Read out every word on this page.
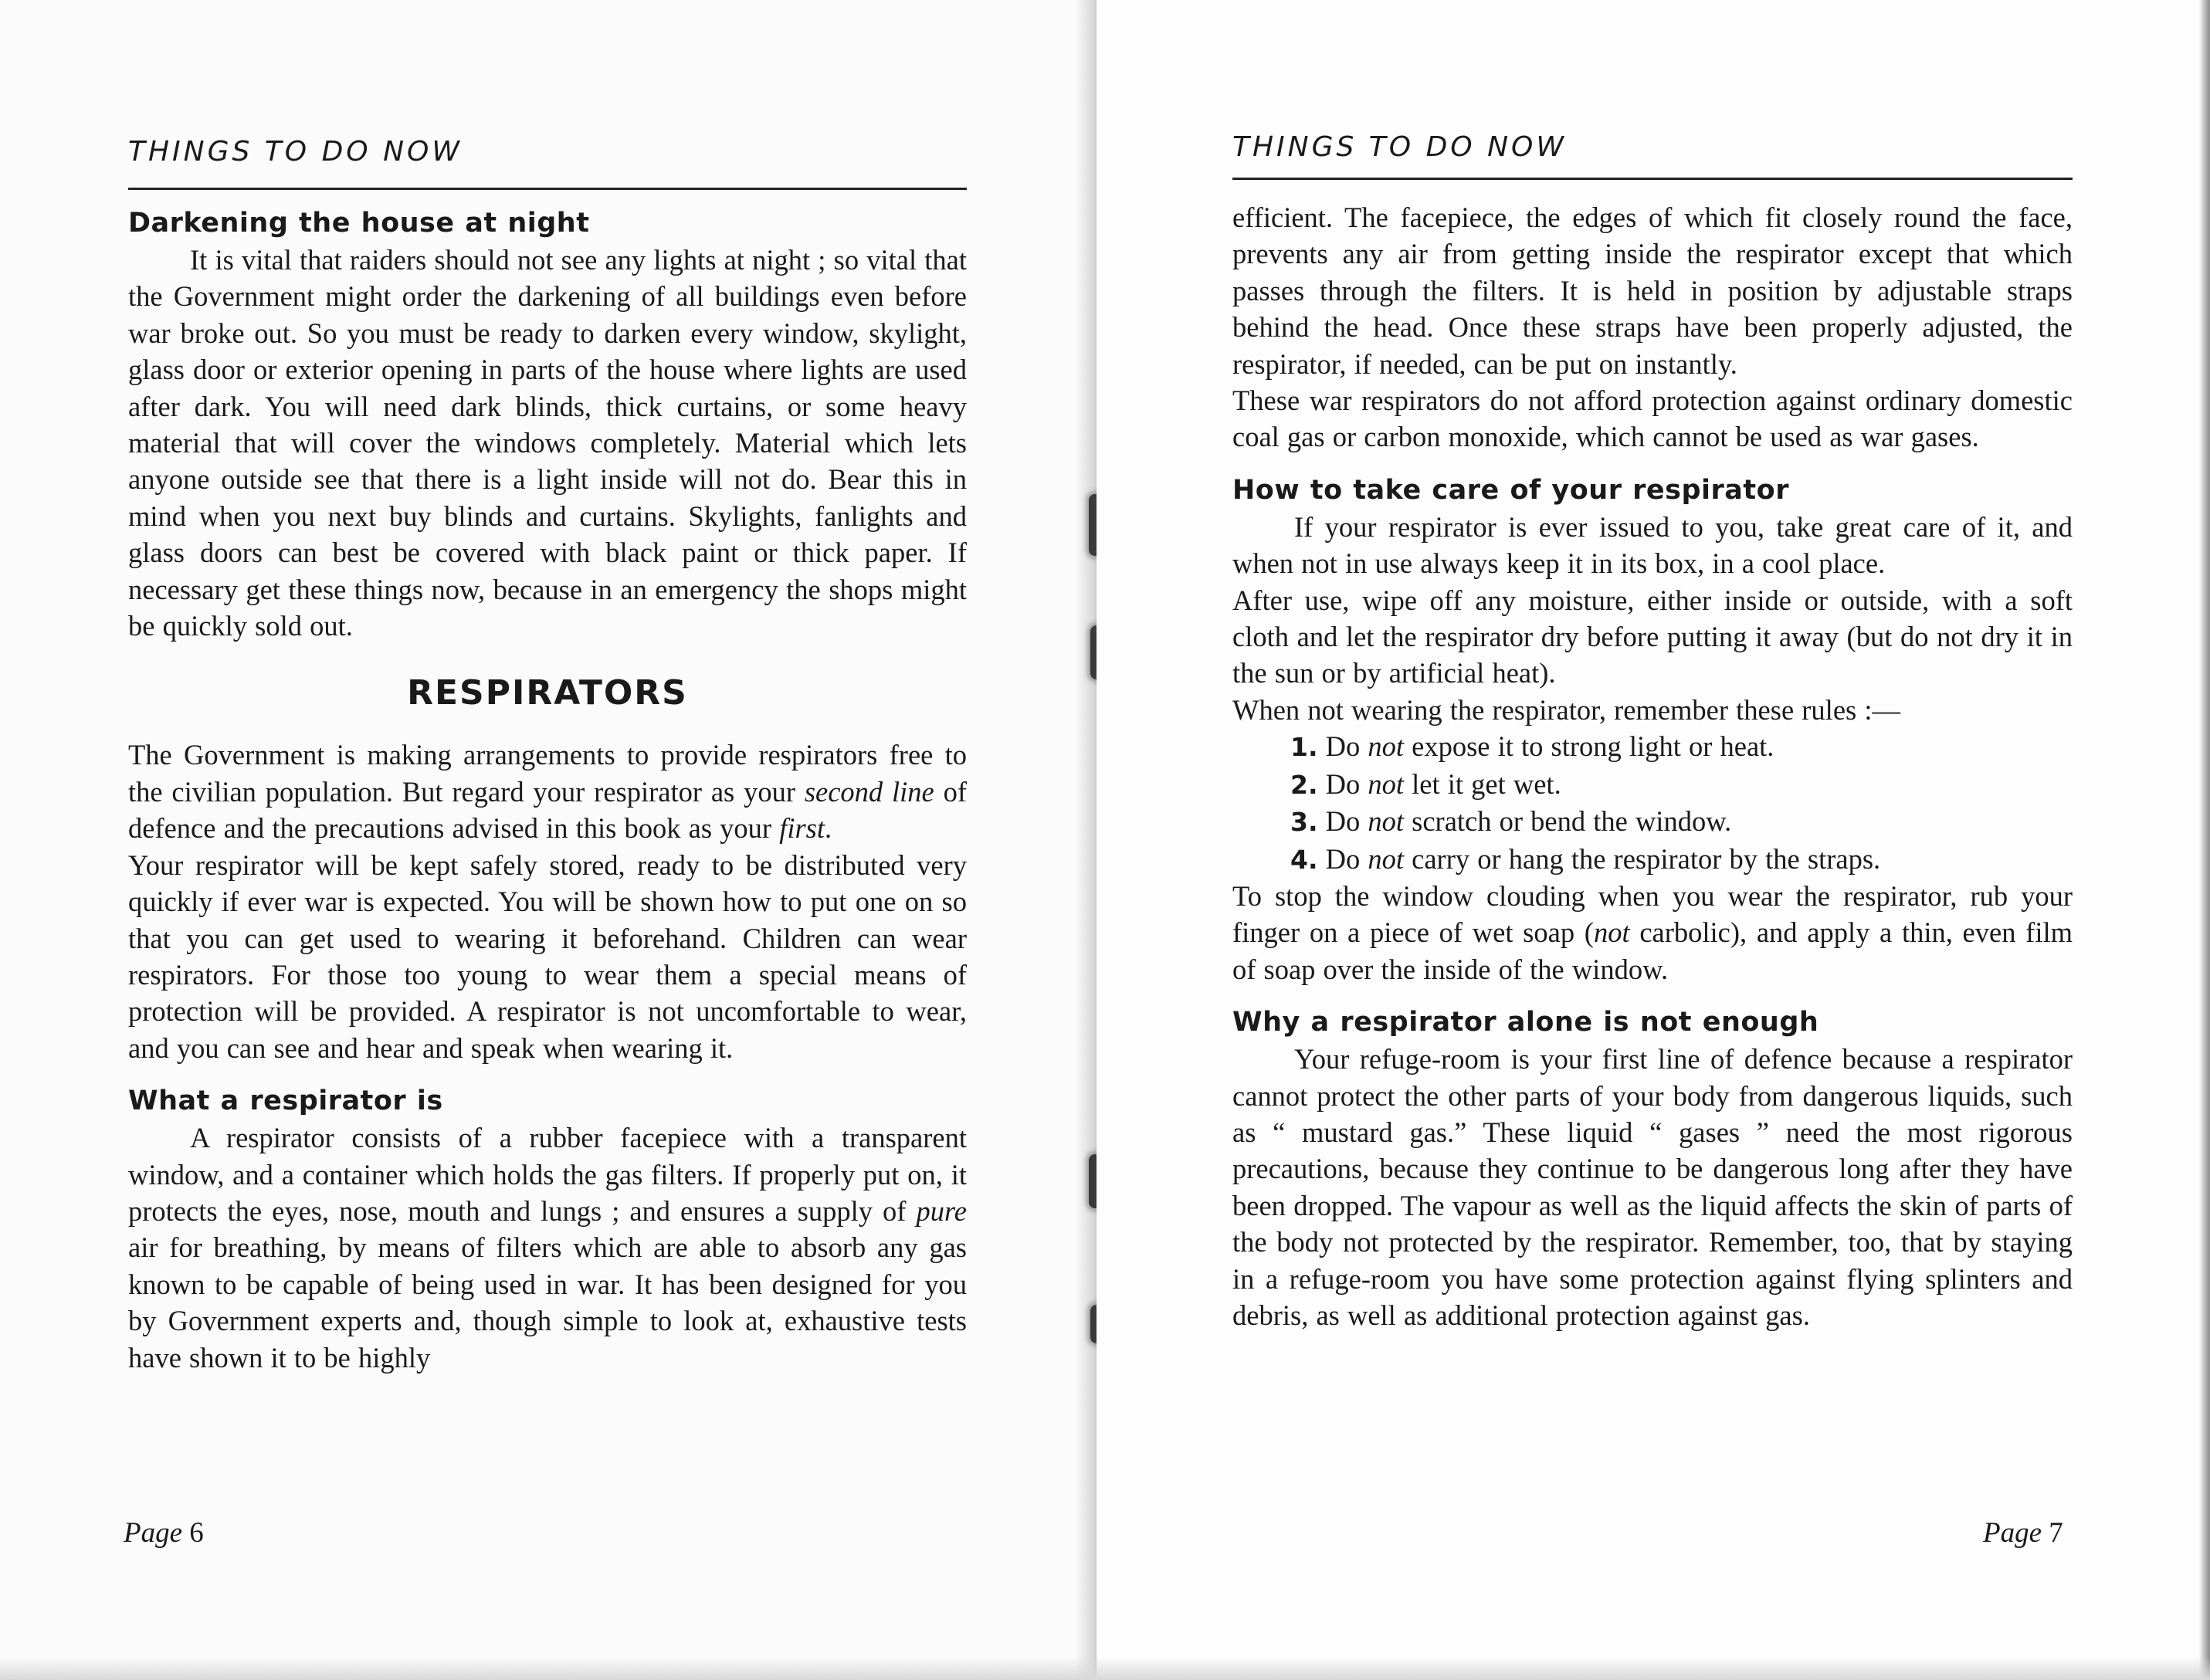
THINGS TO DO NOW
Darkening the house at night

It is vital that raiders should not see any lights at night ; so vital that the Government might order the darkening of all buildings even before war broke out. So you must be ready to darken every window, skylight, glass door or exterior opening in parts of the house where lights are used after dark. You will need dark blinds, thick curtains, or some heavy material that will cover the windows completely. Material which lets anyone outside see that there is a light inside will not do. Bear this in mind when you next buy blinds and curtains. Skylights, fanlights and glass doors can best be covered with black paint or thick paper. If necessary get these things now, because in an emergency the shops might be quickly sold out.

RESPIRATORS

The Government is making arrangements to provide respirators free to the civilian population. But regard your respirator as your second line of defence and the precautions advised in this book as your first.

Your respirator will be kept safely stored, ready to be distributed very quickly if ever war is expected. You will be shown how to put one on so that you can get used to wearing it beforehand. Children can wear respirators. For those too young to wear them a special means of protection will be provided. A respirator is not uncomfortable to wear, and you can see and hear and speak when wearing it.

What a respirator is

A respirator consists of a rubber facepiece with a transparent window, and a container which holds the gas filters. If properly put on, it protects the eyes, nose, mouth and lungs ; and ensures a supply of pure air for breathing, by means of filters which are able to absorb any gas known to be capable of being used in war. It has been designed for you by Government experts and, though simple to look at, exhaustive tests have shown it to be highly

Page 6
THINGS TO DO NOW

efficient. The facepiece, the edges of which fit closely round the face, prevents any air from getting inside the respirator except that which passes through the filters. It is held in position by adjustable straps behind the head. Once these straps have been properly adjusted, the respirator, if needed, can be put on instantly.

These war respirators do not afford protection against ordinary domestic coal gas or carbon monoxide, which cannot be used as war gases.

How to take care of your respirator

If your respirator is ever issued to you, take great care of it, and when not in use always keep it in its box, in a cool place.

After use, wipe off any moisture, either inside or outside, with a soft cloth and let the respirator dry before putting it away (but do not dry it in the sun or by artificial heat).

When not wearing the respirator, remember these rules :—

1. Do not expose it to strong light or heat.
2. Do not let it get wet.
3. Do not scratch or bend the window.
4. Do not carry or hang the respirator by the straps.

To stop the window clouding when you wear the respirator, rub your finger on a piece of wet soap (not carbolic), and apply a thin, even film of soap over the inside of the window.

Why a respirator alone is not enough

Your refuge-room is your first line of defence because a respirator cannot protect the other parts of your body from dangerous liquids, such as “ mustard gas.” These liquid “ gases ” need the most rigorous precautions, because they continue to be dangerous long after they have been dropped. The vapour as well as the liquid affects the skin of parts of the body not protected by the respirator. Remember, too, that by staying in a refuge-room you have some protection against flying splinters and debris, as well as additional protection against gas.

Page 7
